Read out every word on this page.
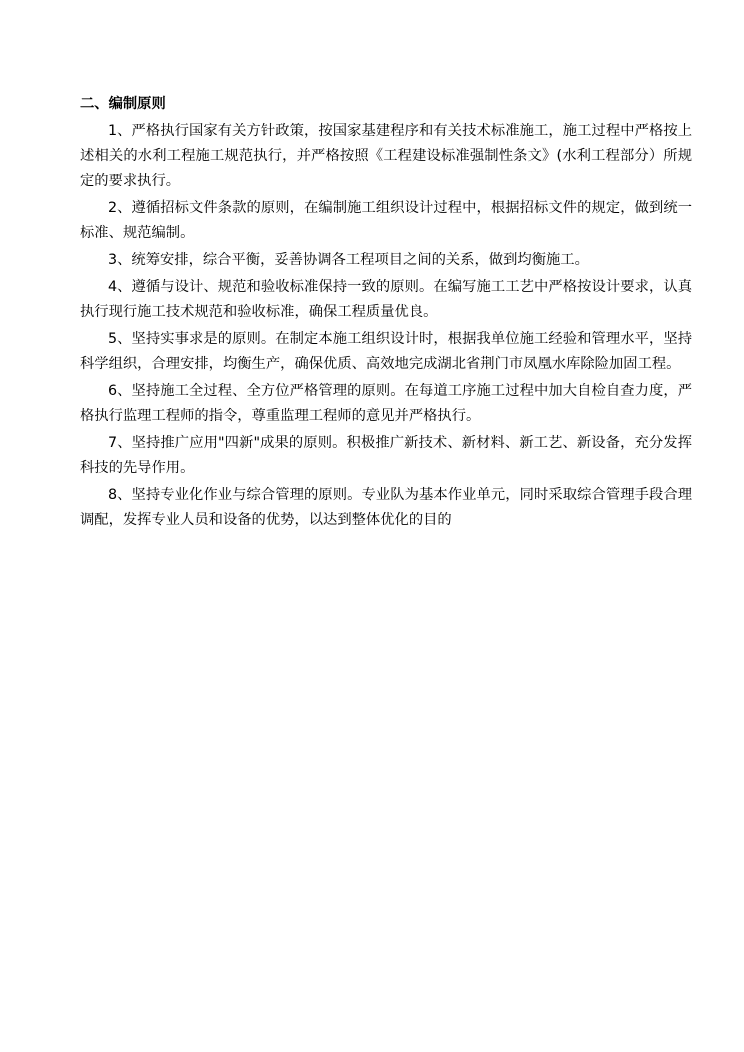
二、编制原则

1、严格执行国家有关方针政策，按国家基建程序和有关技术标准施工，施工过程中严格按上述相关的水利工程施工规范执行，并严格按照《工程建设标准强制性条文》(水利工程部分）所规定的要求执行。

2、遵循招标文件条款的原则，在编制施工组织设计过程中，根据招标文件的规定，做到统一标准、规范编制。

3、统筹安排，综合平衡，妥善协调各工程项目之间的关系，做到均衡施工。

4、遵循与设计、规范和验收标准保持一致的原则。在编写施工工艺中严格按设计要求，认真执行现行施工技术规范和验收标准，确保工程质量优良。

5、坚持实事求是的原则。在制定本施工组织设计时，根据我单位施工经验和管理水平，坚持科学组织，合理安排，均衡生产，确保优质、高效地完成湖北省荆门市凤凰水库除险加固工程。

6、坚持施工全过程、全方位严格管理的原则。在每道工序施工过程中加大自检自查力度，严格执行监理工程师的指令，尊重监理工程师的意见并严格执行。

7、坚持推广应用"四新"成果的原则。积极推广新技术、新材料、新工艺、新设备，充分发挥科技的先导作用。

8、坚持专业化作业与综合管理的原则。专业队为基本作业单元，同时采取综合管理手段合理调配，发挥专业人员和设备的优势，以达到整体优化的目的
